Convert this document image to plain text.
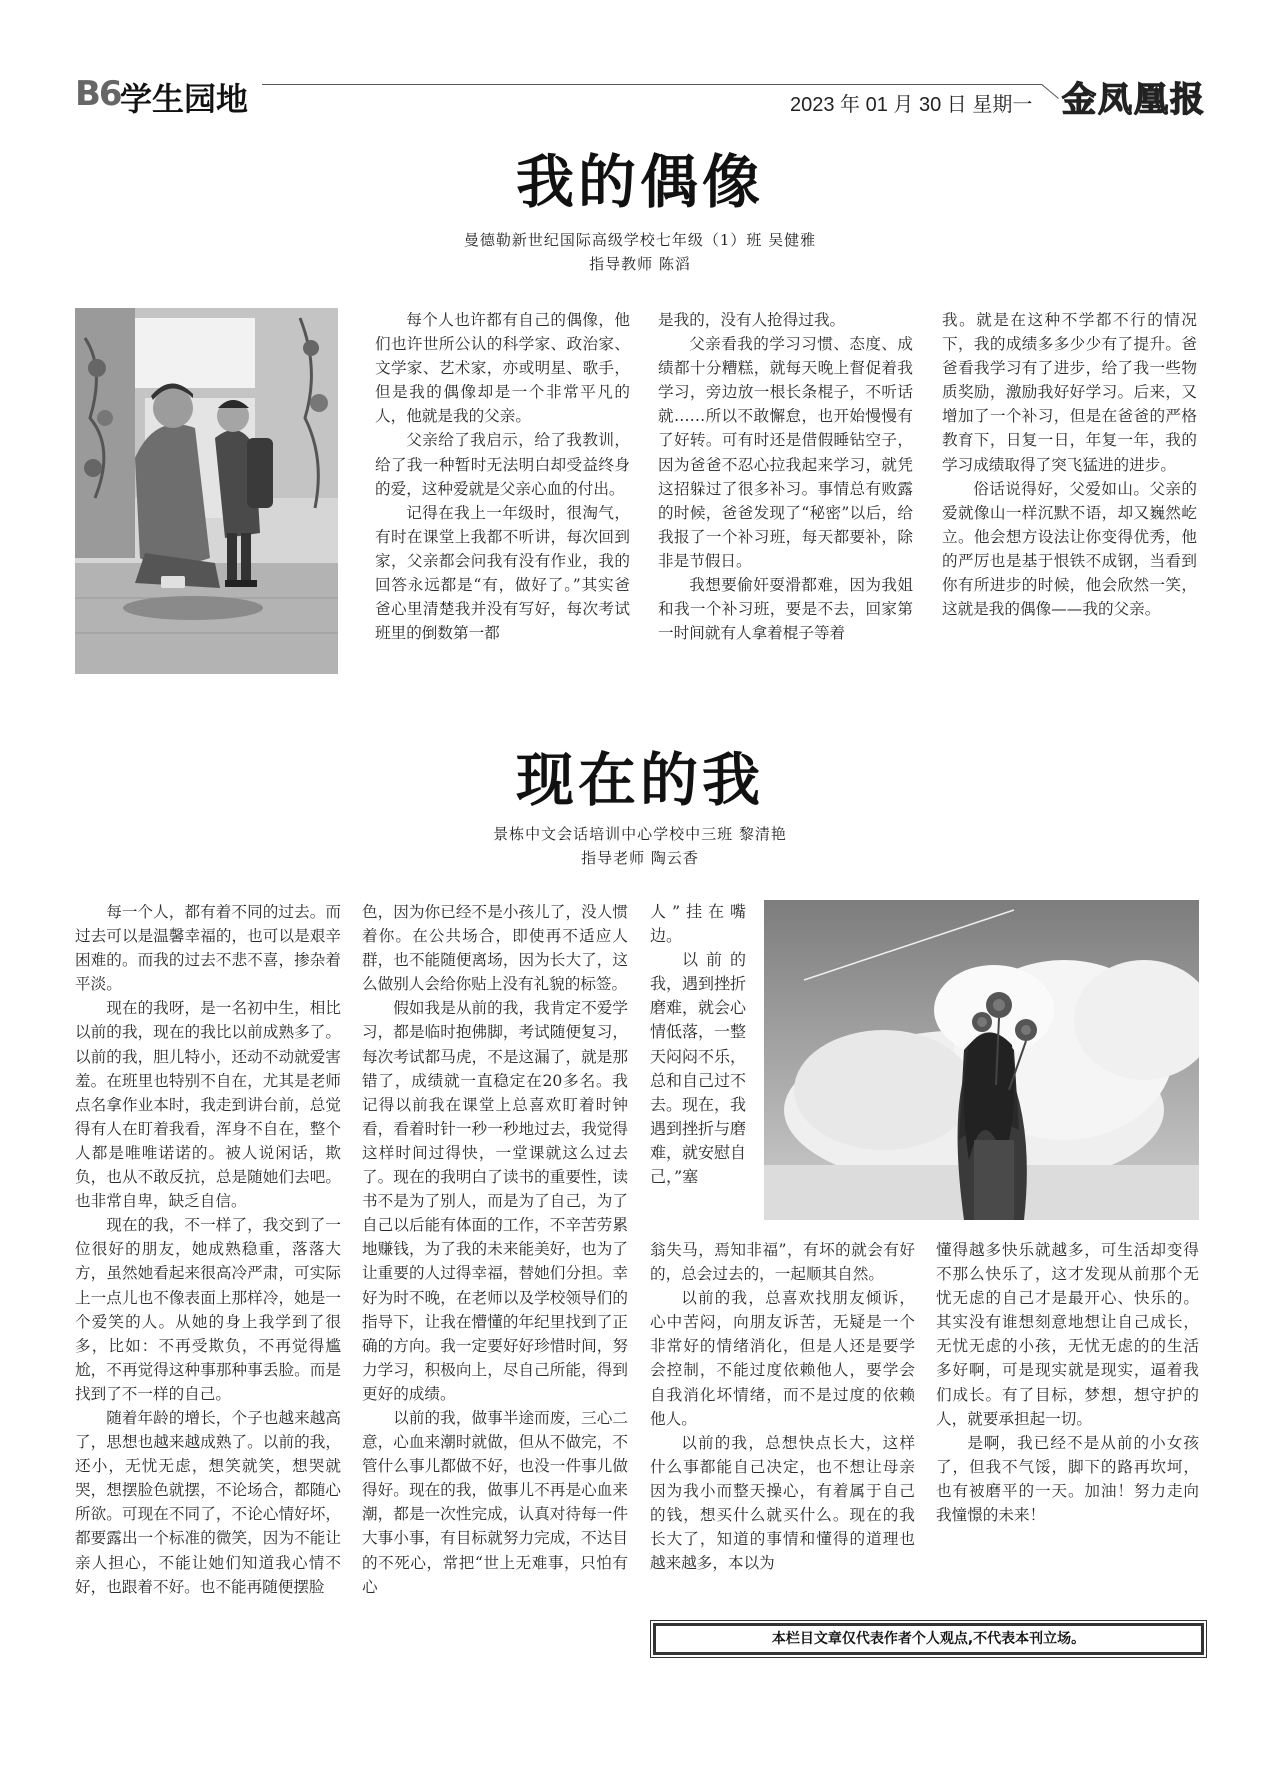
B6 学生园地	2023 年 01 月 30 日 星期一 金凤凰报
我的偶像
曼德勒新世纪国际高级学校七年级（1）班 吴健雅
指导教师 陈滔

每个人也许都有自己的偶像，他们也许世所公认的科学家、政治家、文学家、艺术家，亦或明星、歌手，但是我的偶像却是一个非常平凡的人，他就是我的父亲。

父亲给了我启示，给了我教训，给了我一种暂时无法明白却受益终身的爱，这种爱就是父亲心血的付出。

记得在我上一年级时，很淘气，有时在课堂上我都不听讲，每次回到家，父亲都会问我有没有作业，我的回答永远都是“有，做好了。”其实爸爸心里清楚我并没有写好，每次考试班里的倒数第一都

是我的，没有人抢得过我。

父亲看我的学习习惯、态度、成绩都十分糟糕，就每天晚上督促着我学习，旁边放一根长条棍子，不听话就……所以不敢懈怠，也开始慢慢有了好转。可有时还是借假睡钻空子，因为爸爸不忍心拉我起来学习，就凭这招躲过了很多补习。事情总有败露的时候，爸爸发现了“秘密”以后，给我报了一个补习班，每天都要补，除非是节假日。

我想要偷奸耍滑都难，因为我姐和我一个补习班，要是不去，回家第一时间就有人拿着棍子等着

我。就是在这种不学都不行的情况下，我的成绩多多少少有了提升。爸爸看我学习有了进步，给了我一些物质奖励，激励我好好学习。后来，又增加了一个补习，但是在爸爸的严格教育下，日复一日，年复一年，我的学习成绩取得了突飞猛进的进步。

俗话说得好，父爱如山。父亲的爱就像山一样沉默不语，却又巍然屹立。他会想方设法让你变得优秀，他的严厉也是基于恨铁不成钢，当看到你有所进步的时候，他会欣然一笑，这就是我的偶像——我的父亲。

现在的我
景栋中文会话培训中心学校中三班 黎清艳
指导老师 陶云香

每一个人，都有着不同的过去。而过去可以是温馨幸福的，也可以是艰辛困难的。而我的过去不悲不喜，掺杂着平淡。

现在的我呀，是一名初中生，相比以前的我，现在的我比以前成熟多了。以前的我，胆儿特小，还动不动就爱害羞。在班里也特别不自在，尤其是老师点名拿作业本时，我走到讲台前，总觉得有人在盯着我看，浑身不自在，整个人都是唯唯诺诺的。被人说闲话，欺负，也从不敢反抗，总是随她们去吧。也非常自卑，缺乏自信。

现在的我，不一样了，我交到了一位很好的朋友，她成熟稳重，落落大方，虽然她看起来很高冷严肃，可实际上一点儿也不像表面上那样冷，她是一个爱笑的人。从她的身上我学到了很多，比如：不再受欺负，不再觉得尴尬，不再觉得这种事那种事丢脸。而是找到了不一样的自己。

随着年龄的增长，个子也越来越高了，思想也越来越成熟了。以前的我，还小，无忧无虑，想笑就笑，想哭就哭，想摆脸色就摆，不论场合，都随心所欲。可现在不同了，不论心情好坏，都要露出一个标准的微笑，因为不能让亲人担心，不能让她们知道我心情不好，也跟着不好。也不能再随便摆脸

色，因为你已经不是小孩儿了，没人惯着你。在公共场合，即使再不适应人群，也不能随便离场，因为长大了，这么做别人会给你贴上没有礼貌的标签。

假如我是从前的我，我肯定不爱学习，都是临时抱佛脚，考试随便复习，每次考试都马虎，不是这漏了，就是那错了，成绩就一直稳定在20多名。我记得以前我在课堂上总喜欢盯着时钟看，看着时针一秒一秒地过去，我觉得这样时间过得快，一堂课就这么过去了。现在的我明白了读书的重要性，读书不是为了别人，而是为了自己，为了自己以后能有体面的工作，不辛苦劳累地赚钱，为了我的未来能美好，也为了让重要的人过得幸福，替她们分担。幸好为时不晚，在老师以及学校领导们的指导下，让我在懵懂的年纪里找到了正确的方向。我一定要好好珍惜时间，努力学习，积极向上，尽自己所能，得到更好的成绩。

以前的我，做事半途而废，三心二意，心血来潮时就做，但从不做完，不管什么事儿都做不好，也没一件事儿做得好。现在的我，做事儿不再是心血来潮，都是一次性完成，认真对待每一件大事小事，有目标就努力完成，不达目的不死心，常把“世上无难事，只怕有心

人”挂在嘴边。

以前的我，遇到挫折磨难，就会心情低落，一整天闷闷不乐，总和自己过不去。现在，我遇到挫折与磨难，就安慰自己，”塞

翁失马，焉知非福”，有坏的就会有好的，总会过去的，一起顺其自然。

以前的我，总喜欢找朋友倾诉，心中苦闷，向朋友诉苦，无疑是一个非常好的情绪消化，但是人还是要学会控制，不能过度依赖他人，要学会自我消化坏情绪，而不是过度的依赖他人。

以前的我，总想快点长大，这样什么事都能自己决定，也不想让母亲因为我小而整天操心，有着属于自己的钱，想买什么就买什么。现在的我长大了，知道的事情和懂得的道理也越来越多，本以为

懂得越多快乐就越多，可生活却变得不那么快乐了，这才发现从前那个无忧无虑的自己才是最开心、快乐的。其实没有谁想刻意地想让自己成长，无忧无虑的小孩，无忧无虑的的生活多好啊，可是现实就是现实，逼着我们成长。有了目标，梦想，想守护的人，就要承担起一切。

是啊，我已经不是从前的小女孩了，但我不气馁，脚下的路再坎坷，也有被磨平的一天。加油！努力走向我憧憬的未来！

本栏目文章仅代表作者个人观点,不代表本刊立场。
